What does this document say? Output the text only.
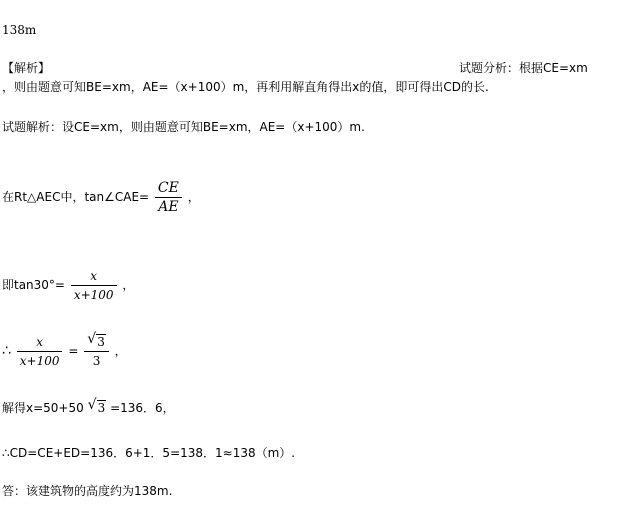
138m
【解析】	试题分析：根据CE=xm
，则由题意可知BE=xm，AE=（x+100）m，再利用解直角得出x的值，即可得出CD的长.
试题解析：设CE=xm，则由题意可知BE=xm，AE=（x+100）m.
在Rt△AEC中，tan∠CAE= $\frac{CE}{AE}$ ，
即$\tan 30^\circ= \frac{x}{x+100}$ ，
∴ $\frac{x}{x+100} = \frac{√ 3}{3}$ ，
解得x=50+50 √ 3 =136．6，
∴CD=CE+ED=136．6+1．5=138．1≈138（m）.
答：该建筑物的高度约为138m.
